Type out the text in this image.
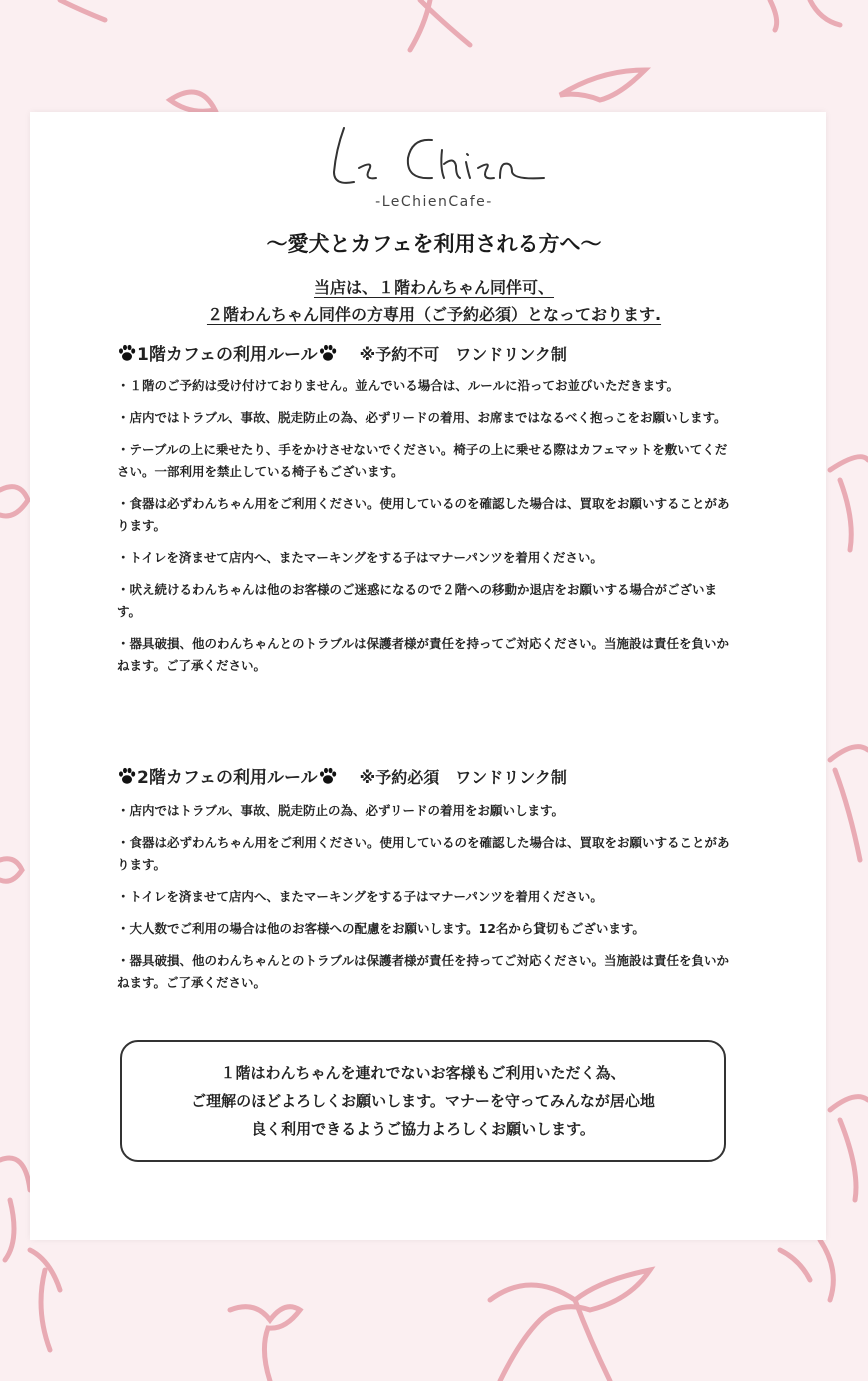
-LeChienCafe-
〜愛犬とカフェを利用される方へ〜
当店は、１階わんちゃん同伴可、
２階わんちゃん同伴の方専用（ご予約必須）となっております.
1階カフェの利用ルール	※予約不可　ワンドリンク制
・１階のご予約は受け付けておりません。並んでいる場合は、ルールに沿ってお並びいただきます。
・店内ではトラブル、事故、脱走防止の為、必ずリードの着用、お席まではなるべく抱っこをお願いします。
・テーブルの上に乗せたり、手をかけさせないでください。椅子の上に乗せる際はカフェマットを敷いてください。一部利用を禁止している椅子もございます。
・食器は必ずわんちゃん用をご利用ください。使用しているのを確認した場合は、買取をお願いすることがあります。
・トイレを済ませて店内へ、またマーキングをする子はマナーパンツを着用ください。
・吠え続けるわんちゃんは他のお客様のご迷惑になるので２階への移動か退店をお願いする場合がございます。
・器具破損、他のわんちゃんとのトラブルは保護者様が責任を持ってご対応ください。当施設は責任を負いかねます。ご了承ください。
2階カフェの利用ルール	※予約必須　ワンドリンク制
・店内ではトラブル、事故、脱走防止の為、必ずリードの着用をお願いします。
・食器は必ずわんちゃん用をご利用ください。使用しているのを確認した場合は、買取をお願いすることがあります。
・トイレを済ませて店内へ、またマーキングをする子はマナーパンツを着用ください。
・大人数でご利用の場合は他のお客様への配慮をお願いします。12名から貸切もございます。
・器具破損、他のわんちゃんとのトラブルは保護者様が責任を持ってご対応ください。当施設は責任を負いかねます。ご了承ください。
１階はわんちゃんを連れでないお客様もご利用いただく為、
ご理解のほどよろしくお願いします。マナーを守ってみんなが居心地
良く利用できるようご協力よろしくお願いします。
